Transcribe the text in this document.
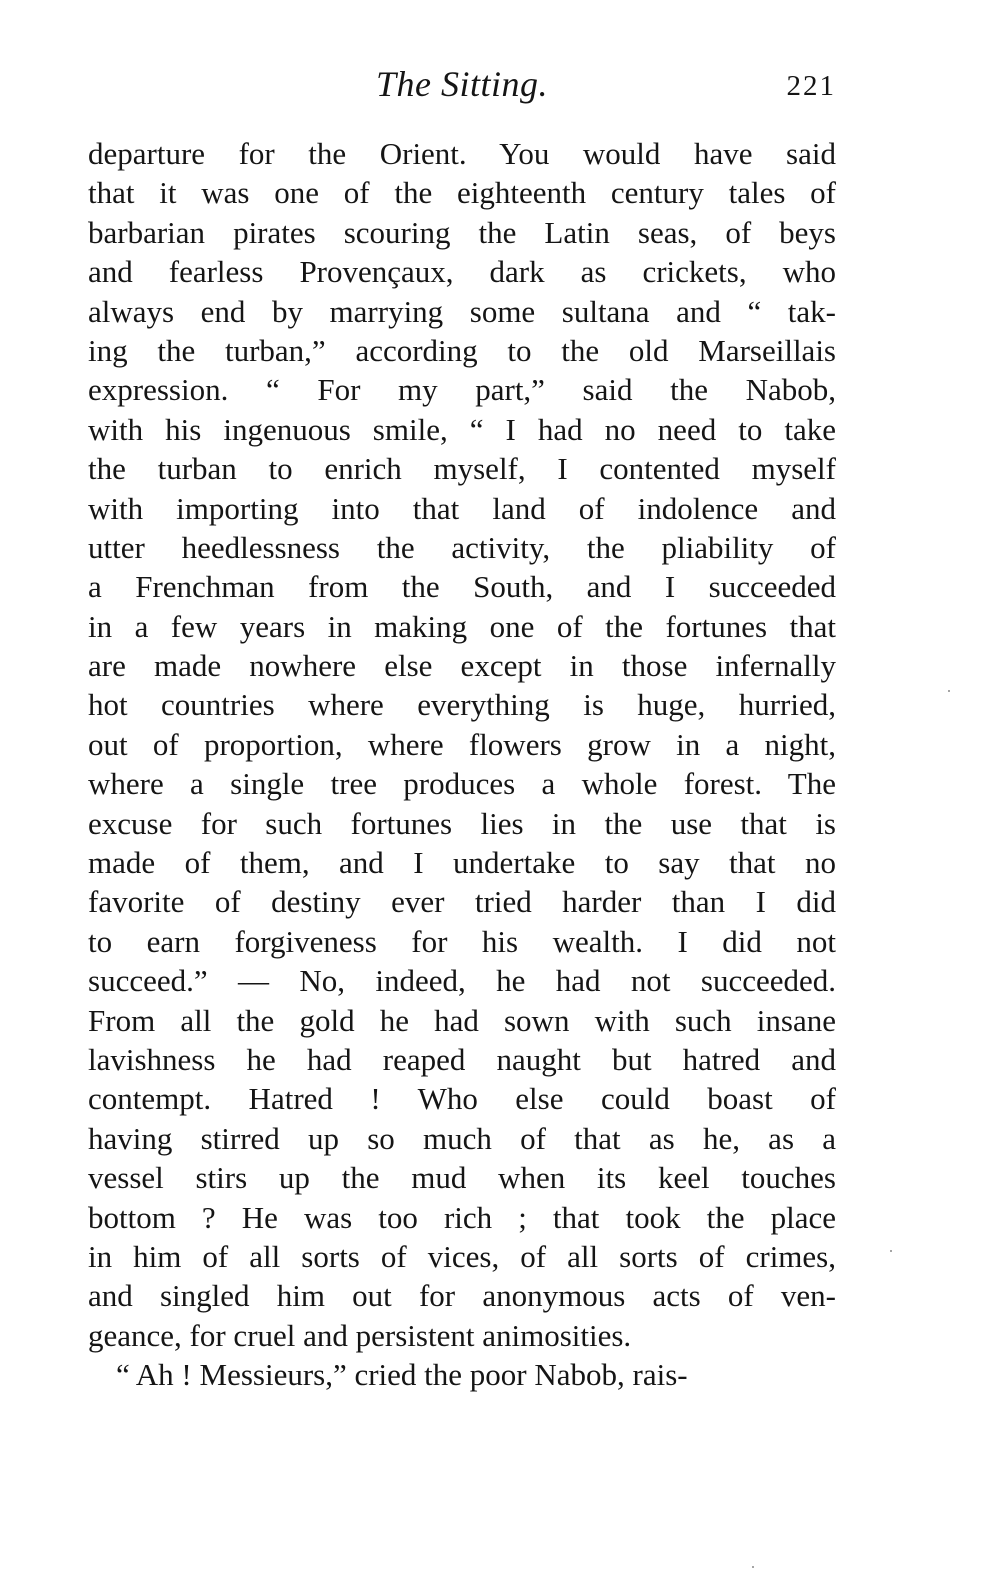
The Sitting.	221
departure for the Orient. You would have said
that it was one of the eighteenth century tales of
barbarian pirates scouring the Latin seas, of beys
and fearless Provençaux, dark as crickets, who
always end by marrying some sultana and “ tak-
ing the turban,” according to the old Marseillais
expression. “ For my part,” said the Nabob,
with his ingenuous smile, “ I had no need to take
the turban to enrich myself, I contented myself
with importing into that land of indolence and
utter heedlessness the activity, the pliability of
a Frenchman from the South, and I succeeded
in a few years in making one of the fortunes that
are made nowhere else except in those infernally
hot countries where everything is huge, hurried,
out of proportion, where flowers grow in a night,
where a single tree produces a whole forest. The
excuse for such fortunes lies in the use that is
made of them, and I undertake to say that no
favorite of destiny ever tried harder than I did
to earn forgiveness for his wealth. I did not
succeed.” — No, indeed, he had not succeeded.
From all the gold he had sown with such insane
lavishness he had reaped naught but hatred and
contempt. Hatred ! Who else could boast of
having stirred up so much of that as he, as a
vessel stirs up the mud when its keel touches
bottom ? He was too rich ; that took the place
in him of all sorts of vices, of all sorts of crimes,
and singled him out for anonymous acts of ven-
geance, for cruel and persistent animosities.
“ Ah ! Messieurs,” cried the poor Nabob, rais-
